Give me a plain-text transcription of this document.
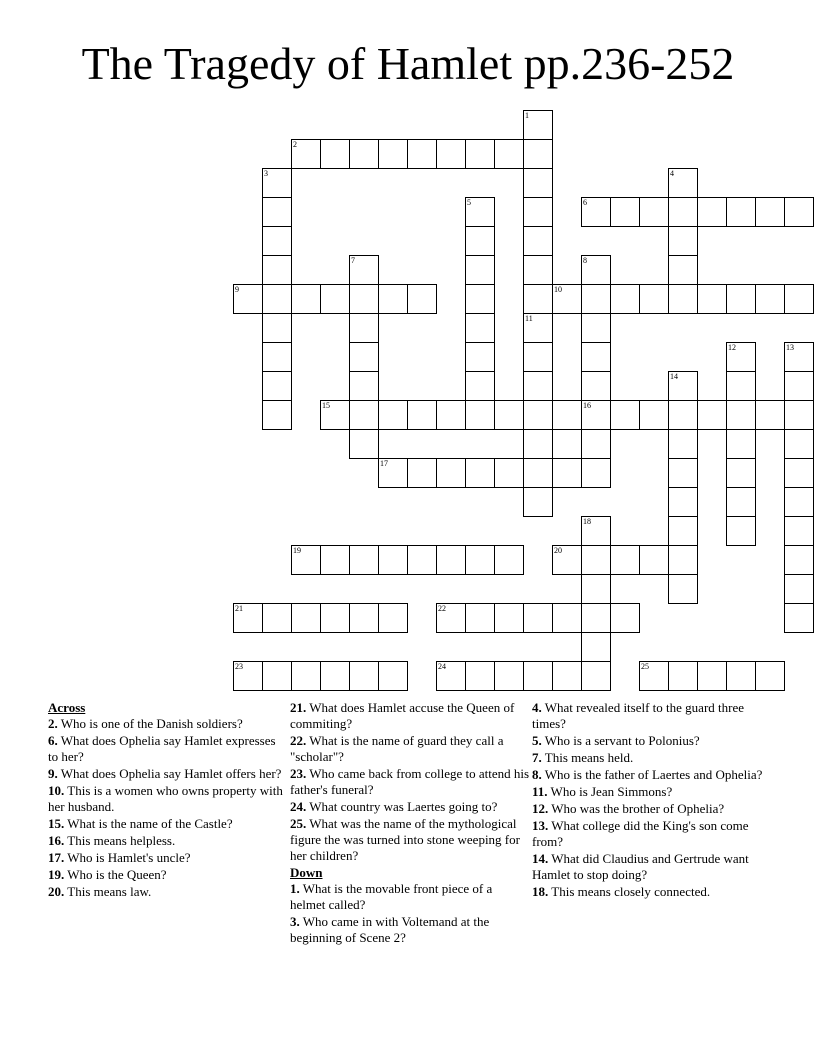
The Tragedy of Hamlet pp.236-252
2
6
9	10
15	16
17
19	20
21	22
23	24	25
1
11
3	4
5
7	8
12	13
14
18
Across
2. Who is one of the Danish soldiers?
6. What does Ophelia say Hamlet expresses to her?
9. What does Ophelia say Hamlet offers her?
10. This is a women who owns property with her husband.
15. What is the name of the Castle?
16. This means helpless.
17. Who is Hamlet's uncle?
19. Who is the Queen?
20. This means law.
21. What does Hamlet accuse the Queen of commiting?
22. What is the name of guard they call a "scholar"?
23. Who came back from college to attend his father's funeral?
24. What country was Laertes going to?
25. What was the name of the mythological figure the was turned into stone weeping for her children?
Down
1. What is the movable front piece of a helmet called?
3. Who came in with Voltemand at the beginning of Scene 2?
4. What revealed itself to the guard three times?
5. Who is a servant to Polonius?
7. This means held.
8. Who is the father of Laertes and Ophelia?
11. Who is Jean Simmons?
12. Who was the brother of Ophelia?
13. What college did the King's son come from?
14. What did Claudius and Gertrude want Hamlet to stop doing?
18. This means closely connected.
